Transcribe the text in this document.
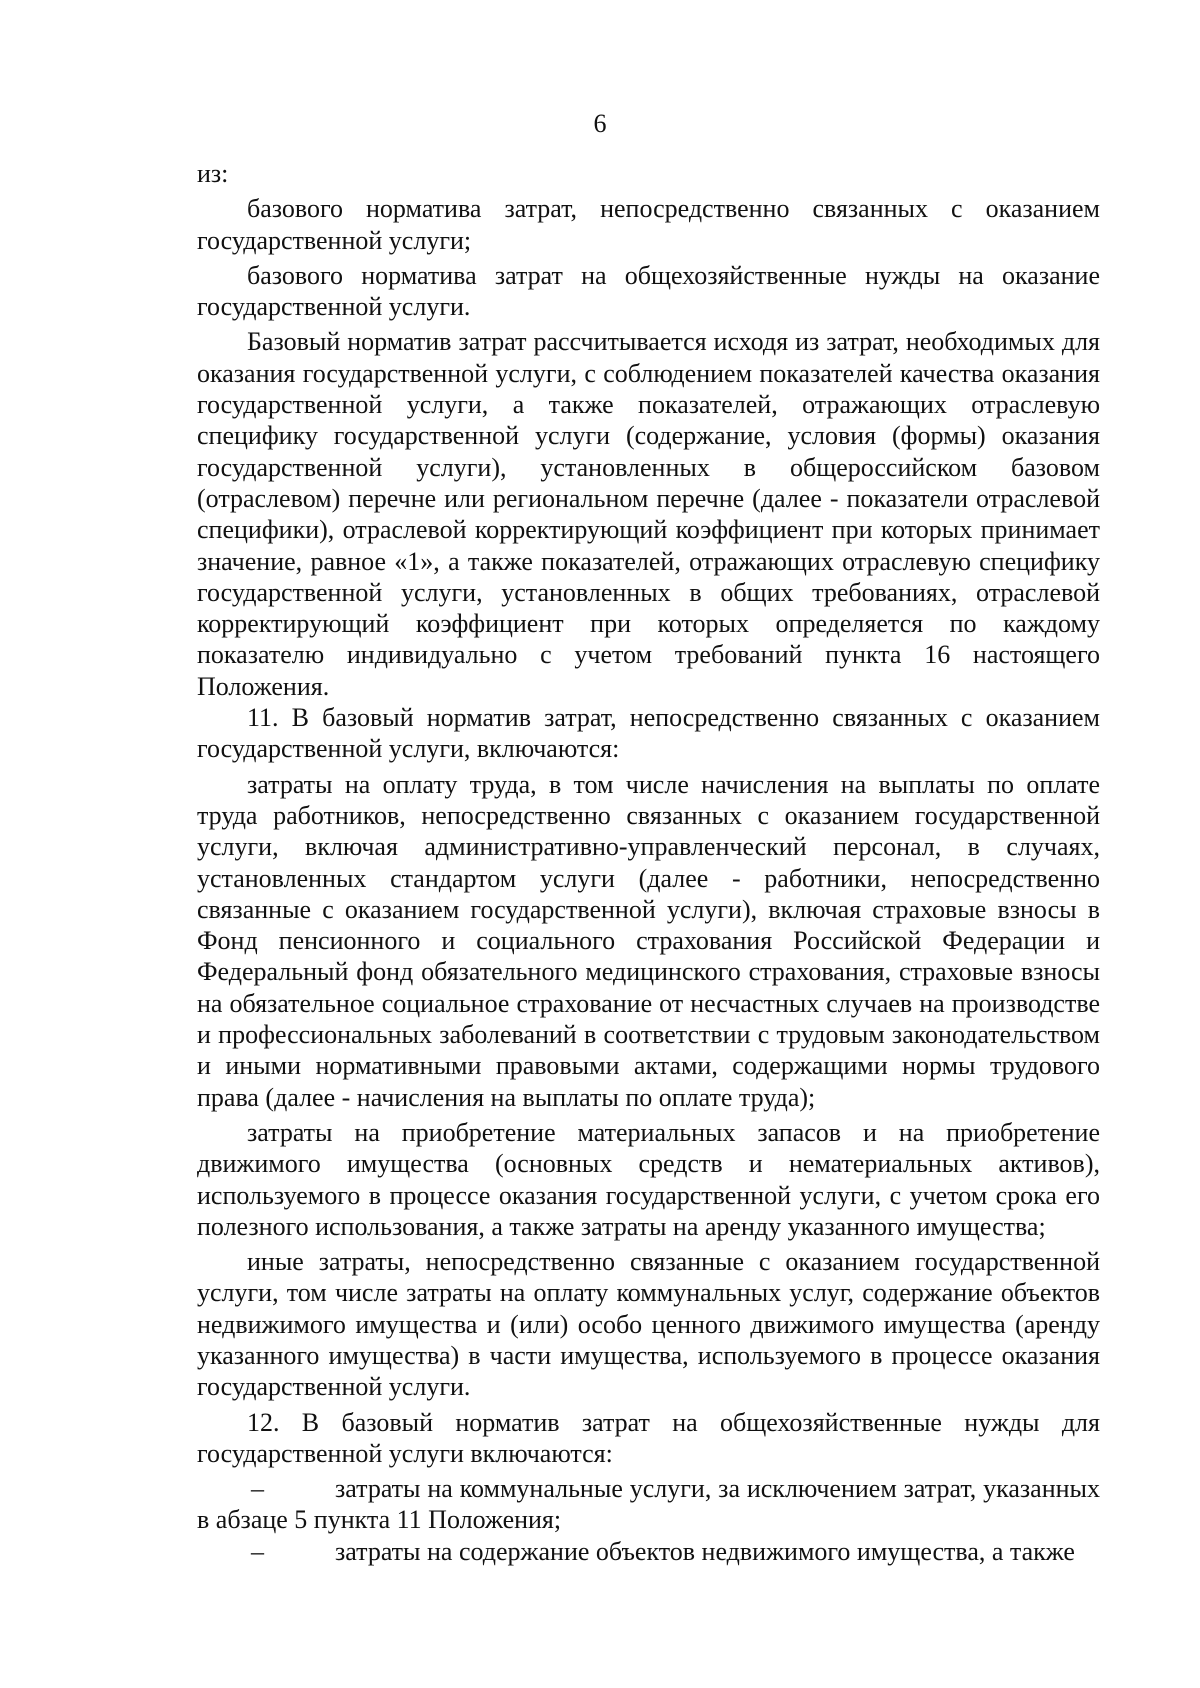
6

из:

базового норматива затрат, непосредственно связанных с оказанием государственной услуги;

базового норматива затрат на общехозяйственные нужды на оказание государственной услуги.

Базовый норматив затрат рассчитывается исходя из затрат, необходимых для оказания государственной услуги, с соблюдением показателей качества оказания государственной услуги, а также показателей, отражающих отраслевую специфику государственной услуги (содержание, условия (формы) оказания государственной услуги), установленных в общероссийском базовом (отраслевом) перечне или региональном перечне (далее - показатели отраслевой специфики), отраслевой корректирующий коэффициент при которых принимает значение, равное «1», а также показателей, отражающих отраслевую специфику государственной услуги, установленных в общих требованиях, отраслевой корректирующий коэффициент при которых определяется по каждому показателю индивидуально с учетом требований пункта 16 настоящего Положения.

11. В базовый норматив затрат, непосредственно связанных с оказанием государственной услуги, включаются:

затраты на оплату труда, в том числе начисления на выплаты по оплате труда работников, непосредственно связанных с оказанием государственной услуги, включая административно-управленческий персонал, в случаях, установленных стандартом услуги (далее - работники, непосредственно связанные с оказанием государственной услуги), включая страховые взносы в Фонд пенсионного и социального страхования Российской Федерации и Федеральный фонд обязательного медицинского страхования, страховые взносы на обязательное социальное страхование от несчастных случаев на производстве и профессиональных заболеваний в соответствии с трудовым законодательством и иными нормативными правовыми актами, содержащими нормы трудового права (далее - начисления на выплаты по оплате труда);

затраты на приобретение материальных запасов и на приобретение движимого имущества (основных средств и нематериальных активов), используемого в процессе оказания государственной услуги, с учетом срока его полезного использования, а также затраты на аренду указанного имущества;

иные затраты, непосредственно связанные с оказанием государственной услуги, том числе затраты на оплату коммунальных услуг, содержание объектов недвижимого имущества и (или) особо ценного движимого имущества (аренду указанного имущества) в части имущества, используемого в процессе оказания государственной услуги.

12. В базовый норматив затрат на общехозяйственные нужды для государственной услуги включаются:

–	затраты на коммунальные услуги, за исключением затрат, указанных в абзаце 5 пункта 11 Положения;

–	затраты на содержание объектов недвижимого имущества, а также
